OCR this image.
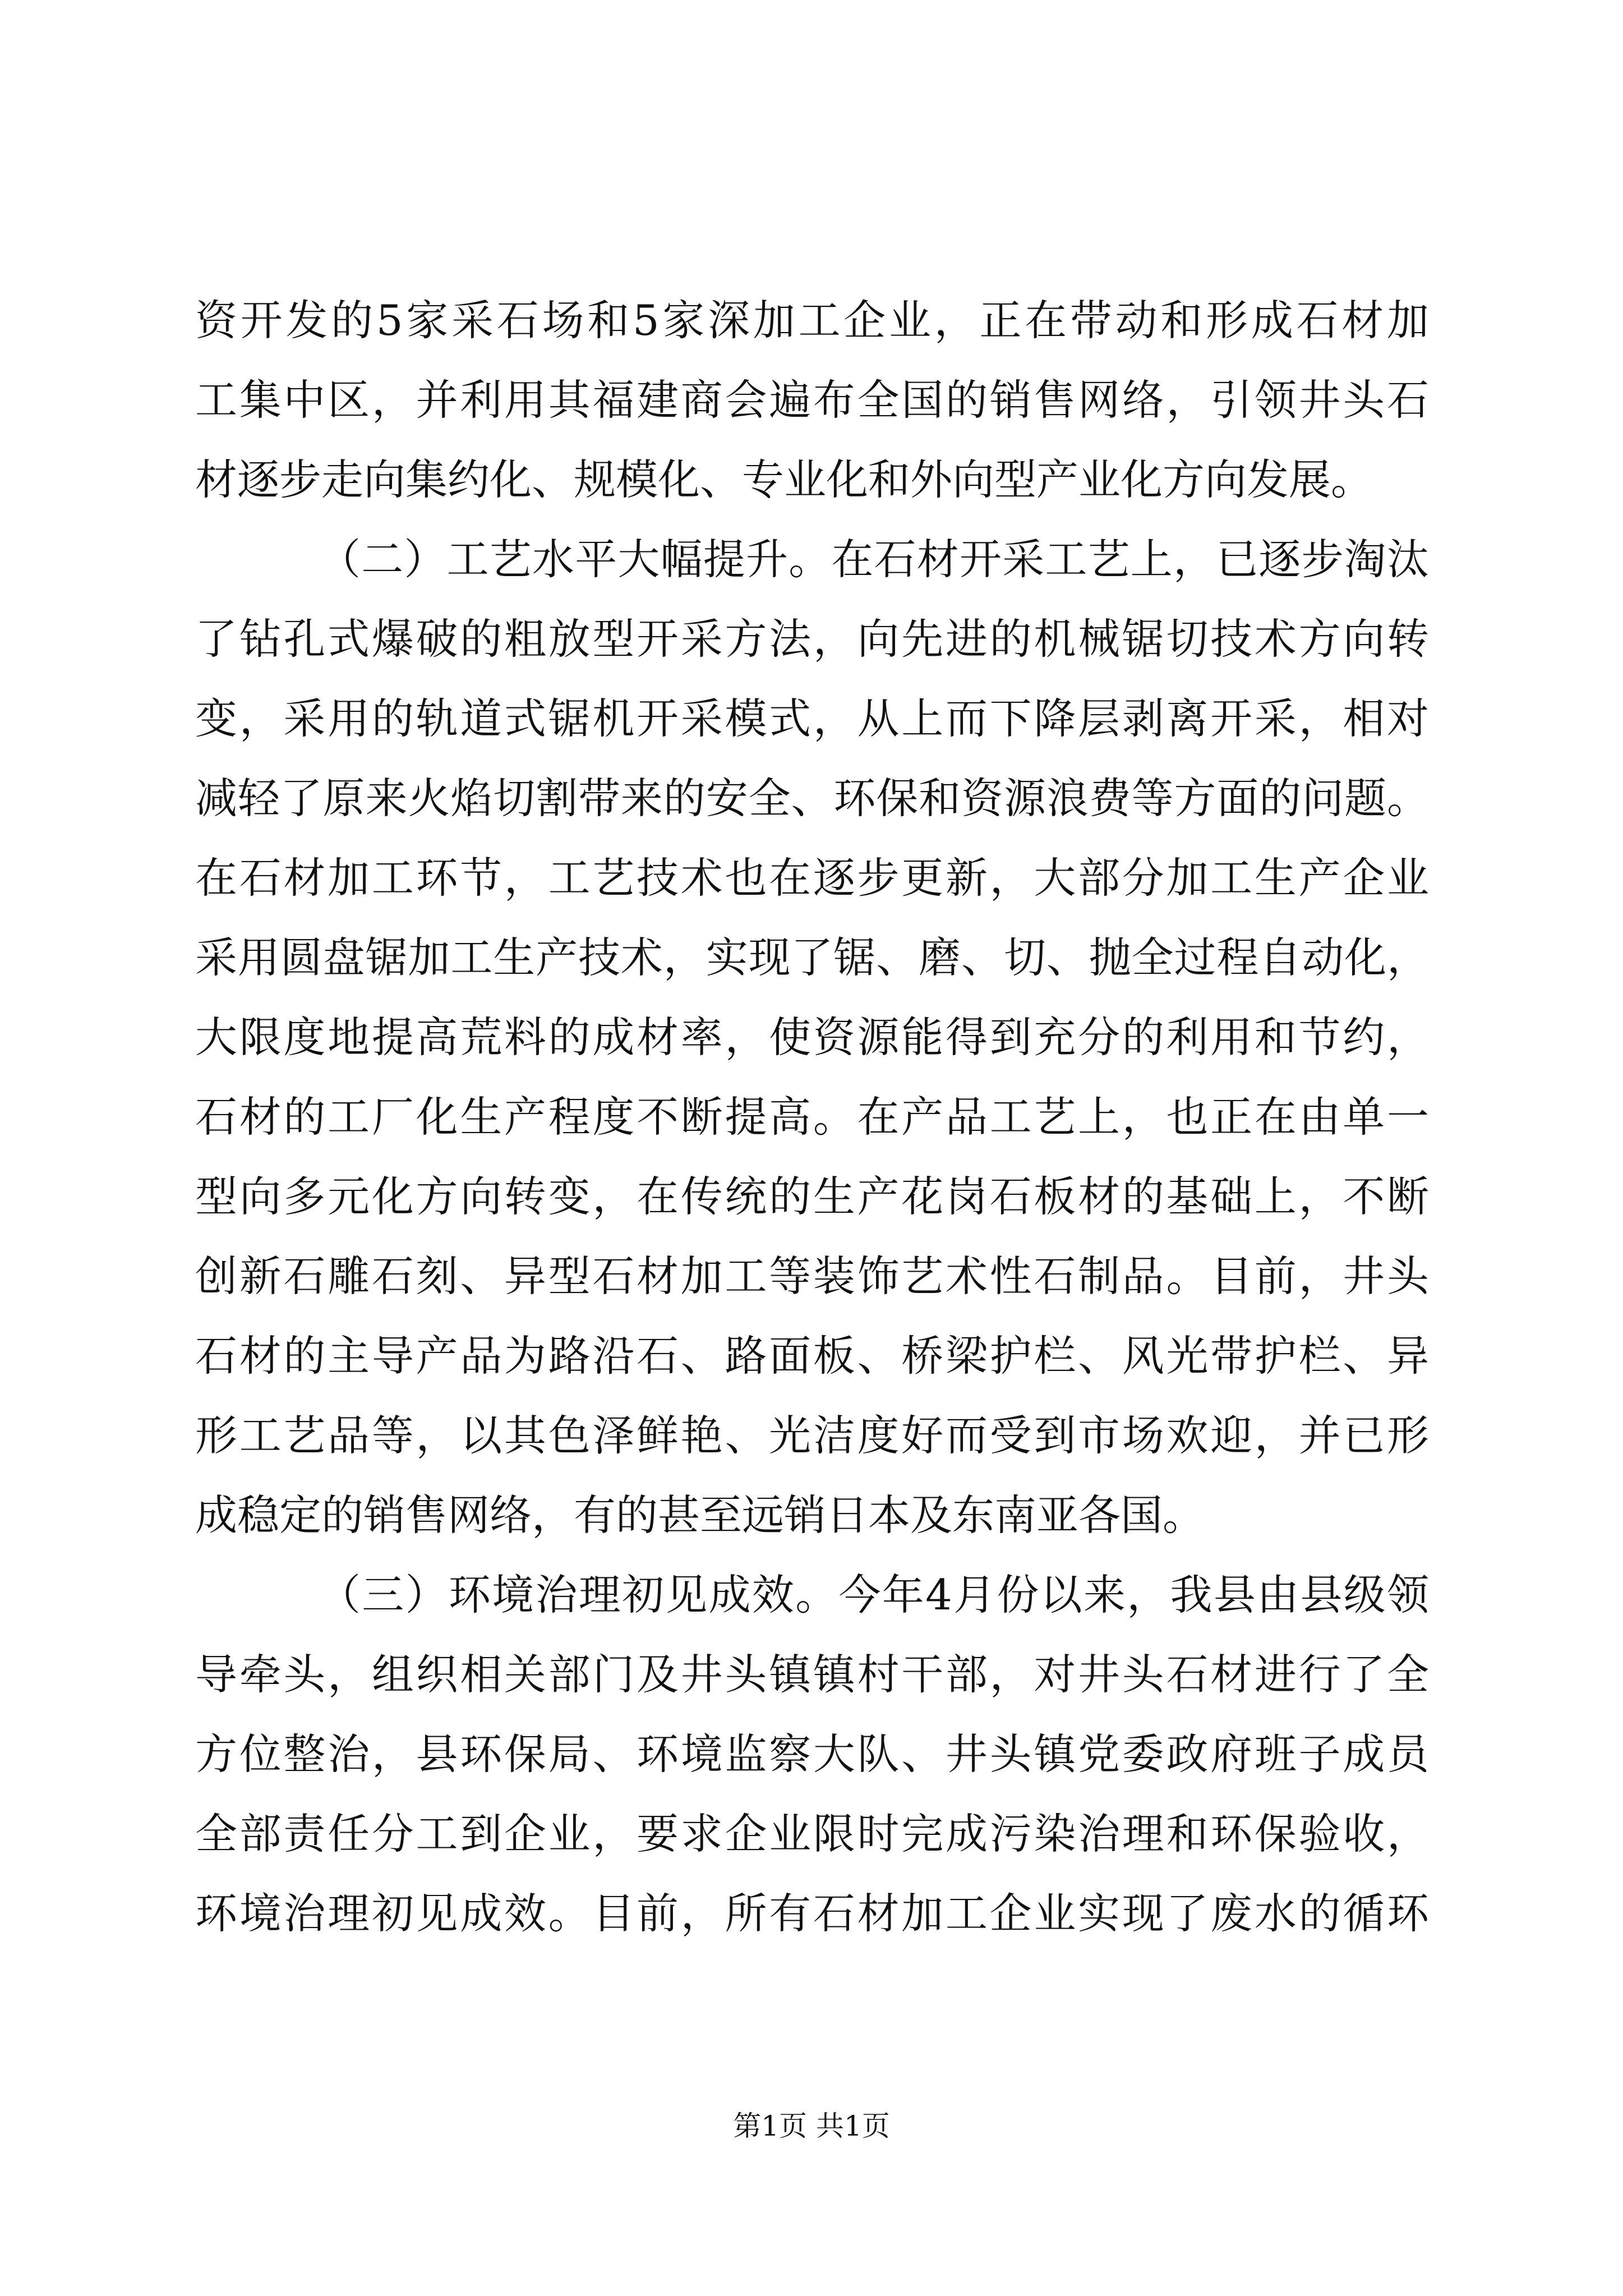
资开发的5家采石场和5家深加工企业，正在带动和形成石材加
工集中区，并利用其福建商会遍布全国的销售网络，引领井头石
材逐步走向集约化、规模化、专业化和外向型产业化方向发展。
（二）工艺水平大幅提升。在石材开采工艺上，已逐步淘汰
了钻孔式爆破的粗放型开采方法，向先进的机械锯切技术方向转
变，采用的轨道式锯机开采模式，从上而下降层剥离开采，相对
减轻了原来火焰切割带来的安全、环保和资源浪费等方面的问题。
在石材加工环节，工艺技术也在逐步更新，大部分加工生产企业
采用圆盘锯加工生产技术，实现了锯、磨、切、抛全过程自动化，
大限度地提高荒料的成材率，使资源能得到充分的利用和节约，
石材的工厂化生产程度不断提高。在产品工艺上，也正在由单一
型向多元化方向转变，在传统的生产花岗石板材的基础上，不断
创新石雕石刻、异型石材加工等装饰艺术性石制品。目前，井头
石材的主导产品为路沿石、路面板、桥梁护栏、风光带护栏、异
形工艺品等，以其色泽鲜艳、光洁度好而受到市场欢迎，并已形
成稳定的销售网络，有的甚至远销日本及东南亚各国。
（三）环境治理初见成效。今年4月份以来，我县由县级领
导牵头，组织相关部门及井头镇镇村干部，对井头石材进行了全
方位整治，县环保局、环境监察大队、井头镇党委政府班子成员
全部责任分工到企业，要求企业限时完成污染治理和环保验收，
环境治理初见成效。目前，所有石材加工企业实现了废水的循环
第1页 共1页
